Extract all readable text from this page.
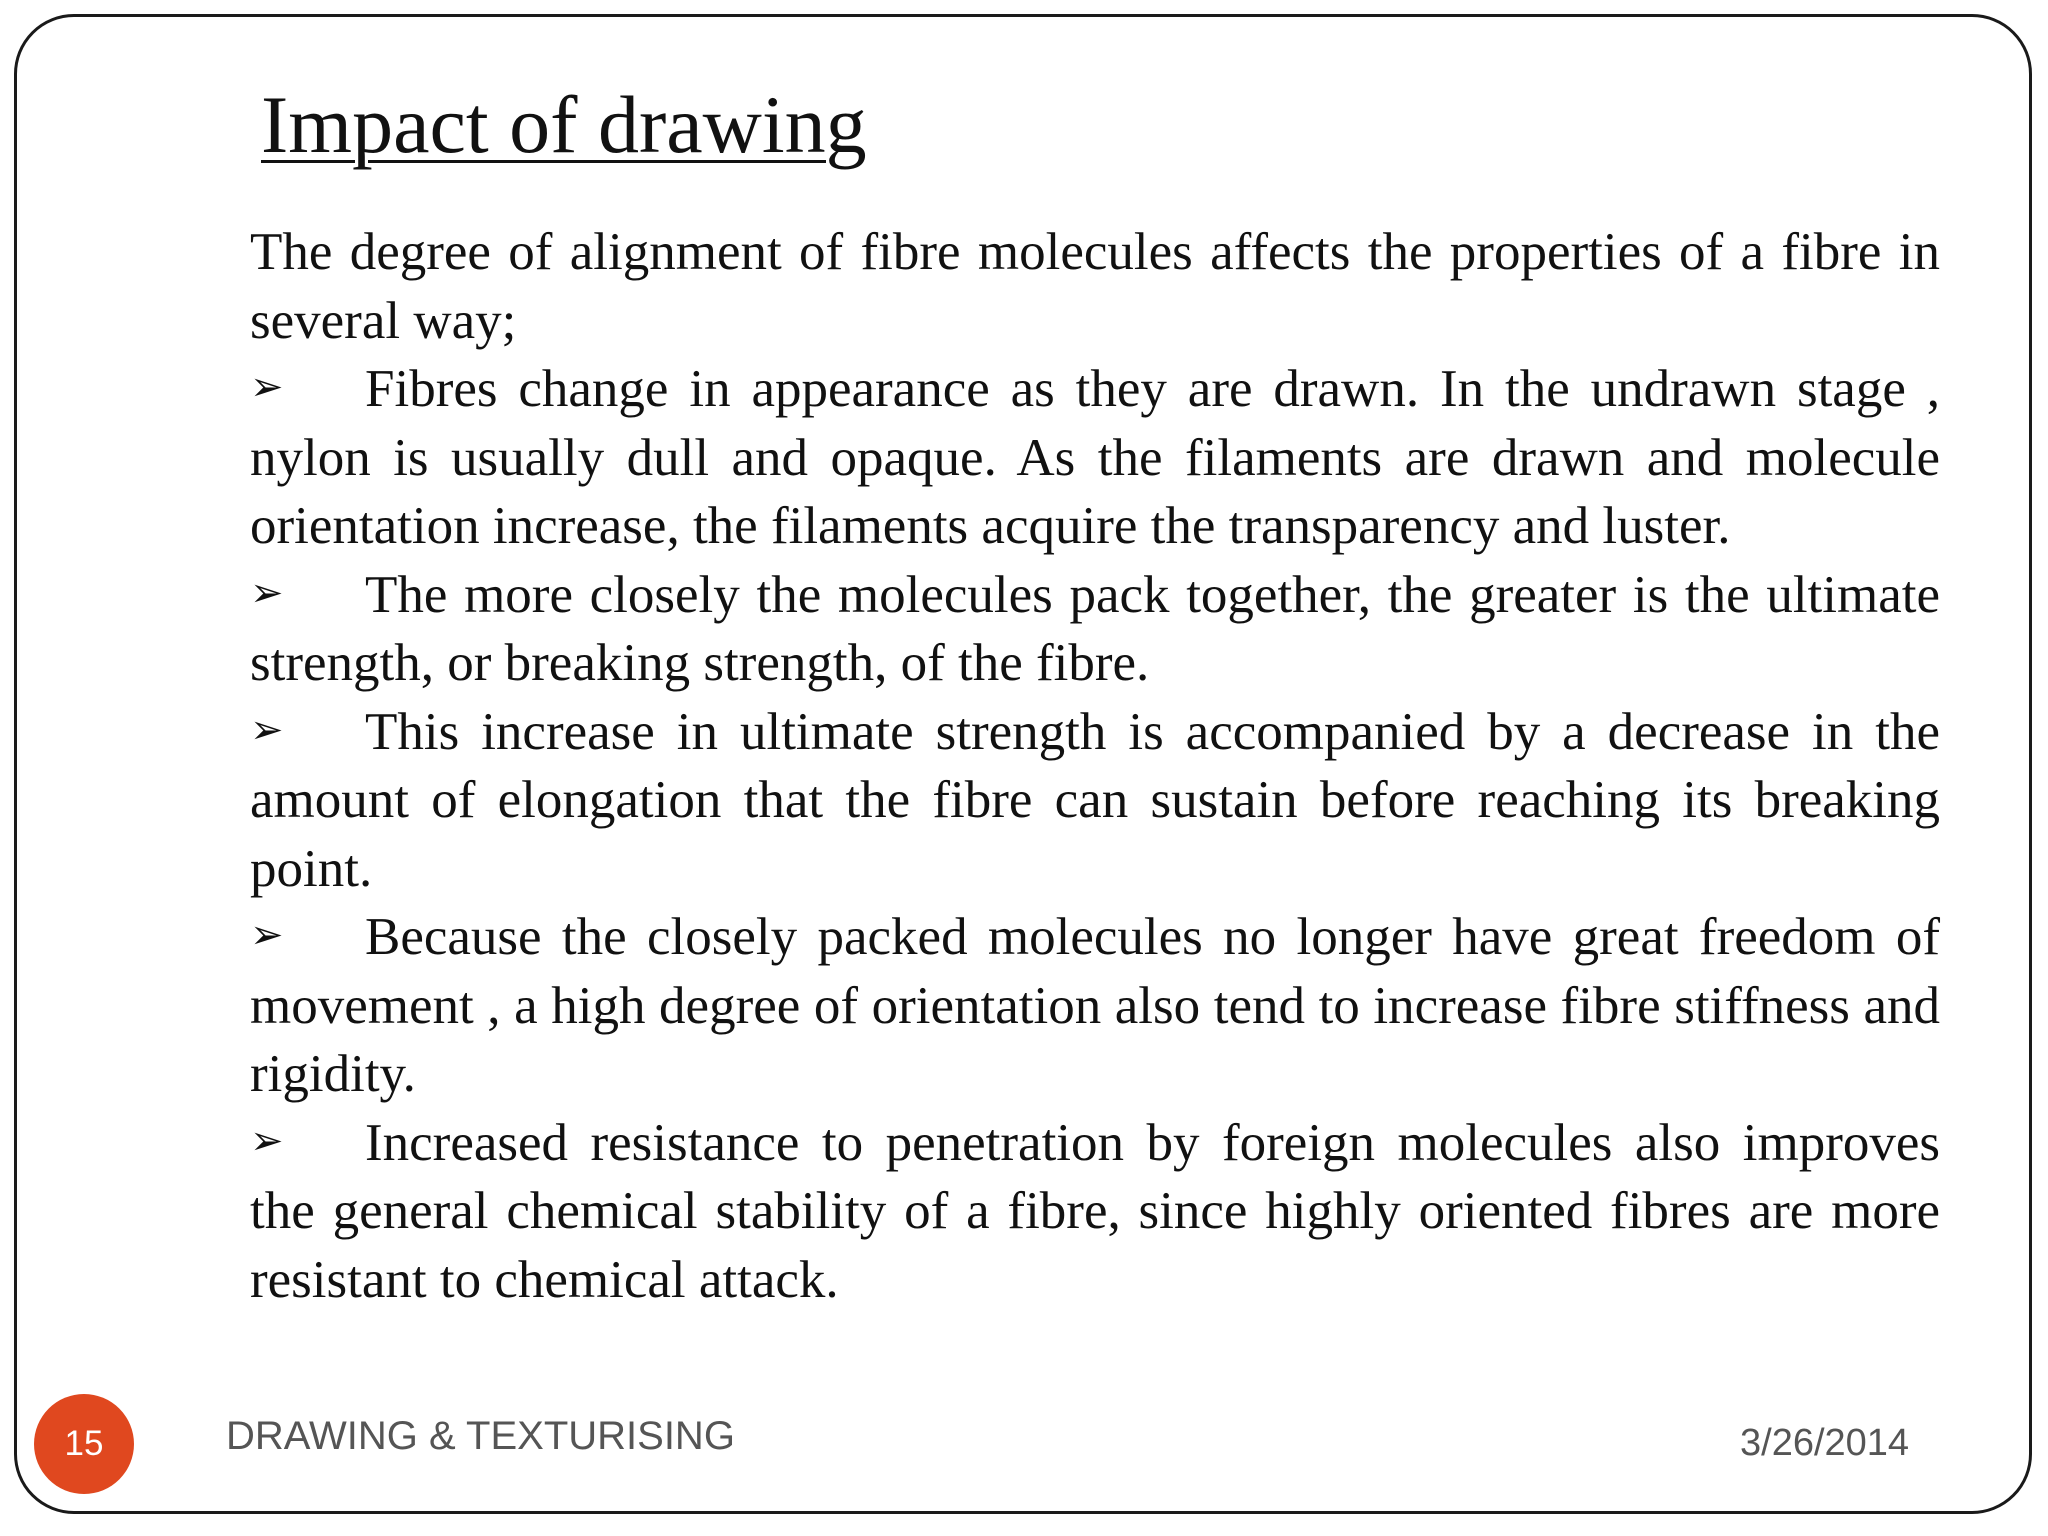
Impact of drawing

The degree of alignment of fibre molecules affects the properties of a fibre in several way;

➢ Fibres change in appearance as they are drawn. In the undrawn stage , nylon is usually dull and opaque. As the filaments are drawn and molecule orientation increase, the filaments acquire the transparency and luster.

➢ The more closely the molecules pack together, the greater is the ultimate strength, or breaking strength, of the fibre.

➢ This increase in ultimate strength is accompanied by a decrease in the amount of elongation that the fibre can sustain before reaching its breaking point.

➢ Because the closely packed molecules no longer have great freedom of movement , a high degree of orientation also tend to increase fibre stiffness and rigidity.

➢ Increased resistance to penetration by foreign molecules also improves the general chemical stability of a fibre, since highly oriented fibres are more resistant to chemical attack.

15	DRAWING & TEXTURISING	3/26/2014
